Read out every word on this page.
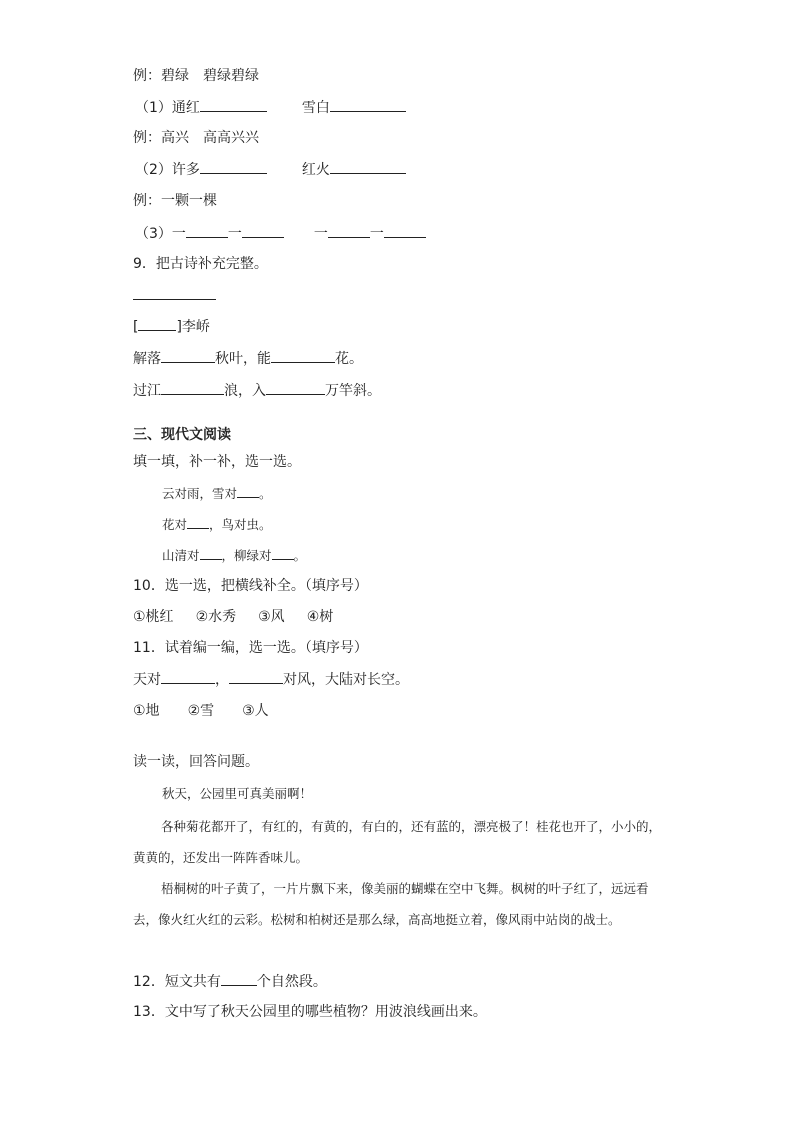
例：碧绿 碧绿碧绿
（1）通红	雪白
例：高兴 高高兴兴
（2）许多	红火
例：一颗一棵
（3）一	一	一	一
9．把古诗补充完整。
[	]李峤
解落	秋叶，能	花。
过江	浪，入	万竿斜。
三、现代文阅读
填一填，补一补，选一选。
云对雨，雪对 。
花对 ，鸟对虫。
山清对 ，柳绿对 。
10．选一选，把横线补全。（填序号）
①桃红 ②水秀 ③风 ④树
11．试着编一编，选一选。（填序号）
天对	，	对风，大陆对长空。
①地 ②雪 ③人
读一读，回答问题。
秋天，公园里可真美丽啊！
各种菊花都开了，有红的，有黄的，有白的，还有蓝的，漂亮极了！桂花也开了，小小的，黄黄的，还发出一阵阵香味儿。
梧桐树的叶子黄了，一片片飘下来，像美丽的蝴蝶在空中飞舞。枫树的叶子红了，远远看去，像火红火红的云彩。松树和柏树还是那么绿，高高地挺立着，像风雨中站岗的战士。
12．短文共有	个自然段。
13．文中写了秋天公园里的哪些植物？用波浪线画出来。
